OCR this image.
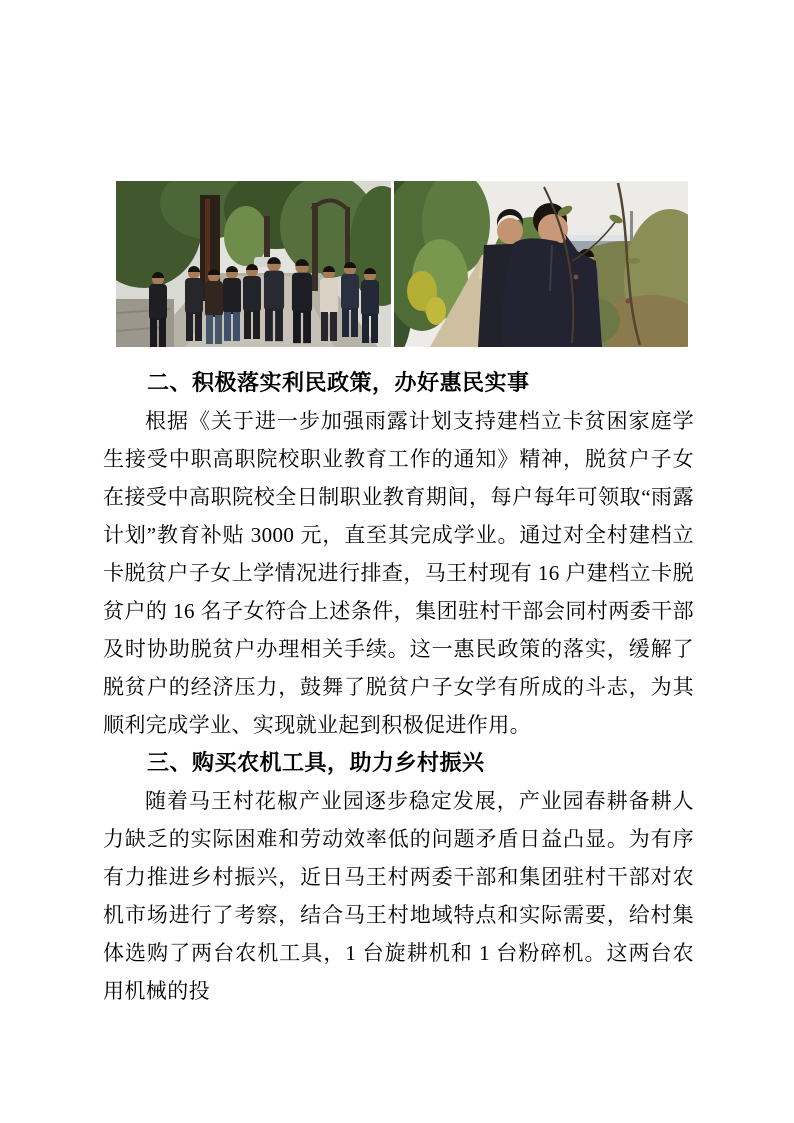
二、积极落实利民政策，办好惠民实事

根据《关于进一步加强雨露计划支持建档立卡贫困家庭学生接受中职高职院校职业教育工作的通知》精神，脱贫户子女在接受中高职院校全日制职业教育期间，每户每年可领取“雨露计划”教育补贴 3000 元，直至其完成学业。通过对全村建档立卡脱贫户子女上学情况进行排查，马王村现有 16 户建档立卡脱贫户的 16 名子女符合上述条件，集团驻村干部会同村两委干部及时协助脱贫户办理相关手续。这一惠民政策的落实，缓解了脱贫户的经济压力，鼓舞了脱贫户子女学有所成的斗志，为其顺利完成学业、实现就业起到积极促进作用。

三、购买农机工具，助力乡村振兴

随着马王村花椒产业园逐步稳定发展，产业园春耕备耕人力缺乏的实际困难和劳动效率低的问题矛盾日益凸显。为有序有力推进乡村振兴，近日马王村两委干部和集团驻村干部对农机市场进行了考察，结合马王村地域特点和实际需要，给村集体选购了两台农机工具，1 台旋耕机和 1 台粉碎机。这两台农用机械的投
